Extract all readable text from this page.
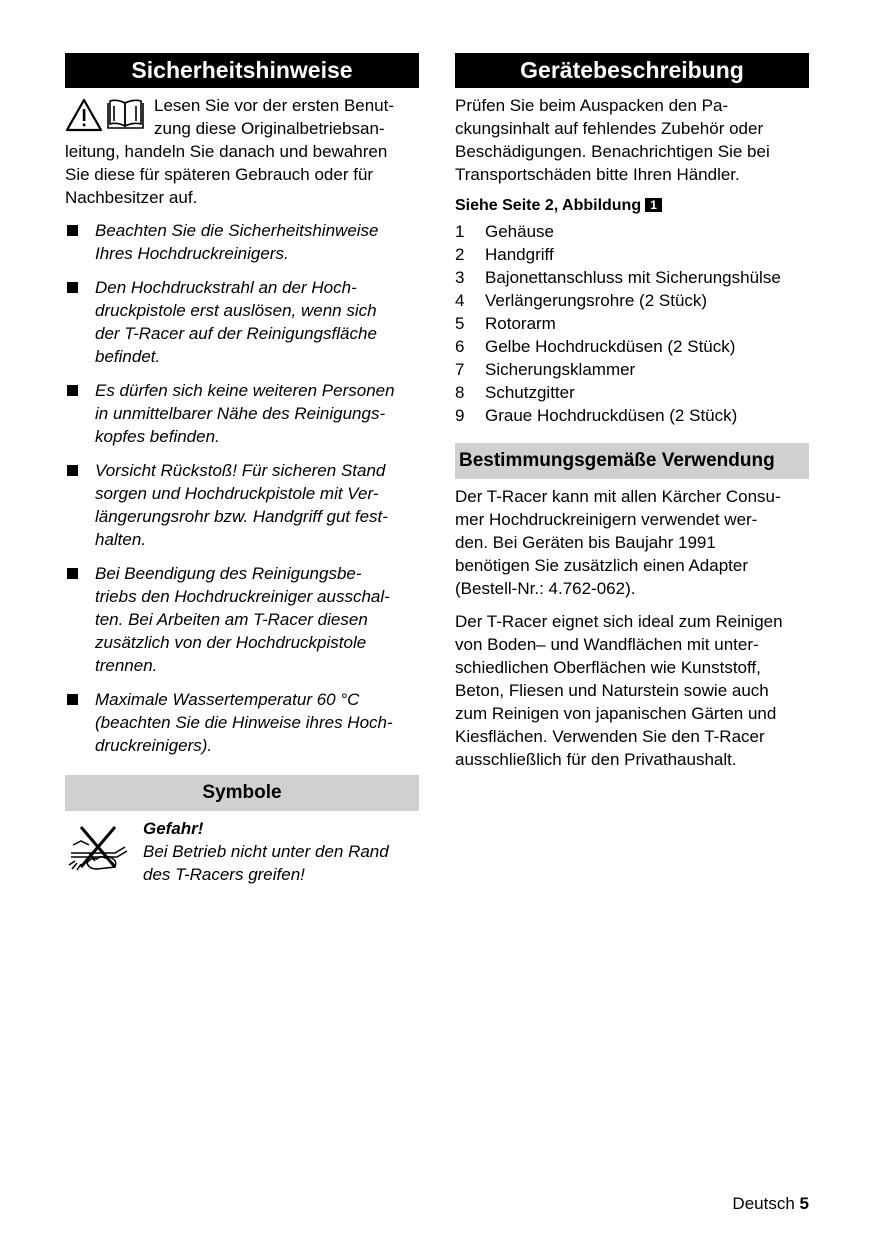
Sicherheitshinweise
Lesen Sie vor der ersten Benut-
zung diese Originalbetriebsan-
leitung, handeln Sie danach und bewahren
Sie diese für späteren Gebrauch oder für
Nachbesitzer auf.
Beachten Sie die Sicherheitshinweise
Ihres Hochdruckreinigers.
Den Hochdruckstrahl an der Hoch-
druckpistole erst auslösen, wenn sich
der T-Racer auf der Reinigungsfläche
befindet.
Es dürfen sich keine weiteren Personen
in unmittelbarer Nähe des Reinigungs-
kopfes befinden.
Vorsicht Rückstoß! Für sicheren Stand
sorgen und Hochdruckpistole mit Ver-
längerungsrohr bzw. Handgriff gut fest-
halten.
Bei Beendigung des Reinigungsbe-
triebs den Hochdruckreiniger ausschal-
ten. Bei Arbeiten am T-Racer diesen
zusätzlich von der Hochdruckpistole
trennen.
Maximale Wassertemperatur 60 °C
(beachten Sie die Hinweise ihres Hoch-
druckreinigers).
Symbole
Gefahr!
Bei Betrieb nicht unter den Rand
des T-Racers greifen!
Gerätebeschreibung
Prüfen Sie beim Auspacken den Pa-
ckungsinhalt auf fehlendes Zubehör oder
Beschädigungen. Benachrichtigen Sie bei
Transportschäden bitte Ihren Händler.
Siehe Seite 2, Abbildung 1
1 Gehäuse
2 Handgriff
3 Bajonettanschluss mit Sicherungshülse
4 Verlängerungsrohre (2 Stück)
5 Rotorarm
6 Gelbe Hochdruckdüsen (2 Stück)
7 Sicherungsklammer
8 Schutzgitter
9 Graue Hochdruckdüsen (2 Stück)
Bestimmungsgemäße Verwendung
Der T-Racer kann mit allen Kärcher Consu-
mer Hochdruckreinigern verwendet wer-
den. Bei Geräten bis Baujahr 1991
benötigen Sie zusätzlich einen Adapter
(Bestell-Nr.: 4.762-062).
Der T-Racer eignet sich ideal zum Reinigen
von Boden– und Wandflächen mit unter-
schiedlichen Oberflächen wie Kunststoff,
Beton, Fliesen und Naturstein sowie auch
zum Reinigen von japanischen Gärten und
Kiesflächen. Verwenden Sie den T-Racer
ausschließlich für den Privathaushalt.
Deutsch 5
